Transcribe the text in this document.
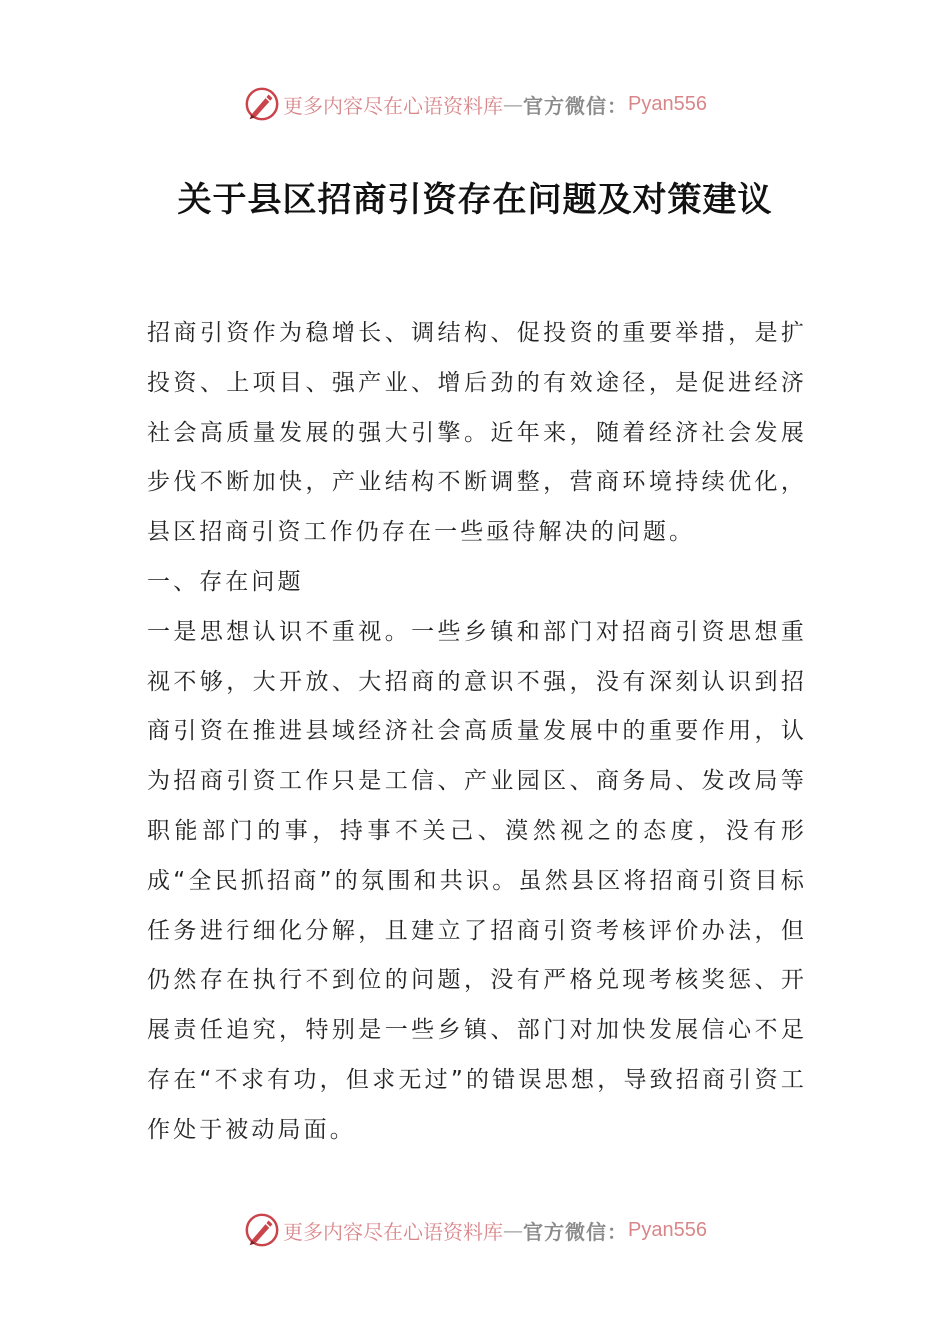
更多内容尽在心语资料库 — 官方微信： Pyan556
关于县区招商引资存在问题及对策建议

招商引资作为稳增长、调结构、促投资的重要举措，是扩投资、上项目、强产业、增后劲的有效途径，是促进经济社会高质量发展的强大引擎。近年来，随着经济社会发展步伐不断加快，产业结构不断调整，营商环境持续优化，县区招商引资工作仍存在一些亟待解决的问题。

一、存在问题

一是思想认识不重视。一些乡镇和部门对招商引资思想重视不够，大开放、大招商的意识不强，没有深刻认识到招商引资在推进县域经济社会高质量发展中的重要作用，认为招商引资工作只是工信、产业园区、商务局、发改局等职能部门的事，持事不关己、漠然视之的态度，没有形成“全民抓招商”的氛围和共识。虽然县区将招商引资目标任务进行细化分解，且建立了招商引资考核评价办法，但仍然存在执行不到位的问题，没有严格兑现考核奖惩、开展责任追究，特别是一些乡镇、部门对加快发展信心不足存在“不求有功，但求无过”的错误思想，导致招商引资工作处于被动局面。

更多内容尽在心语资料库 — 官方微信： Pyan556
